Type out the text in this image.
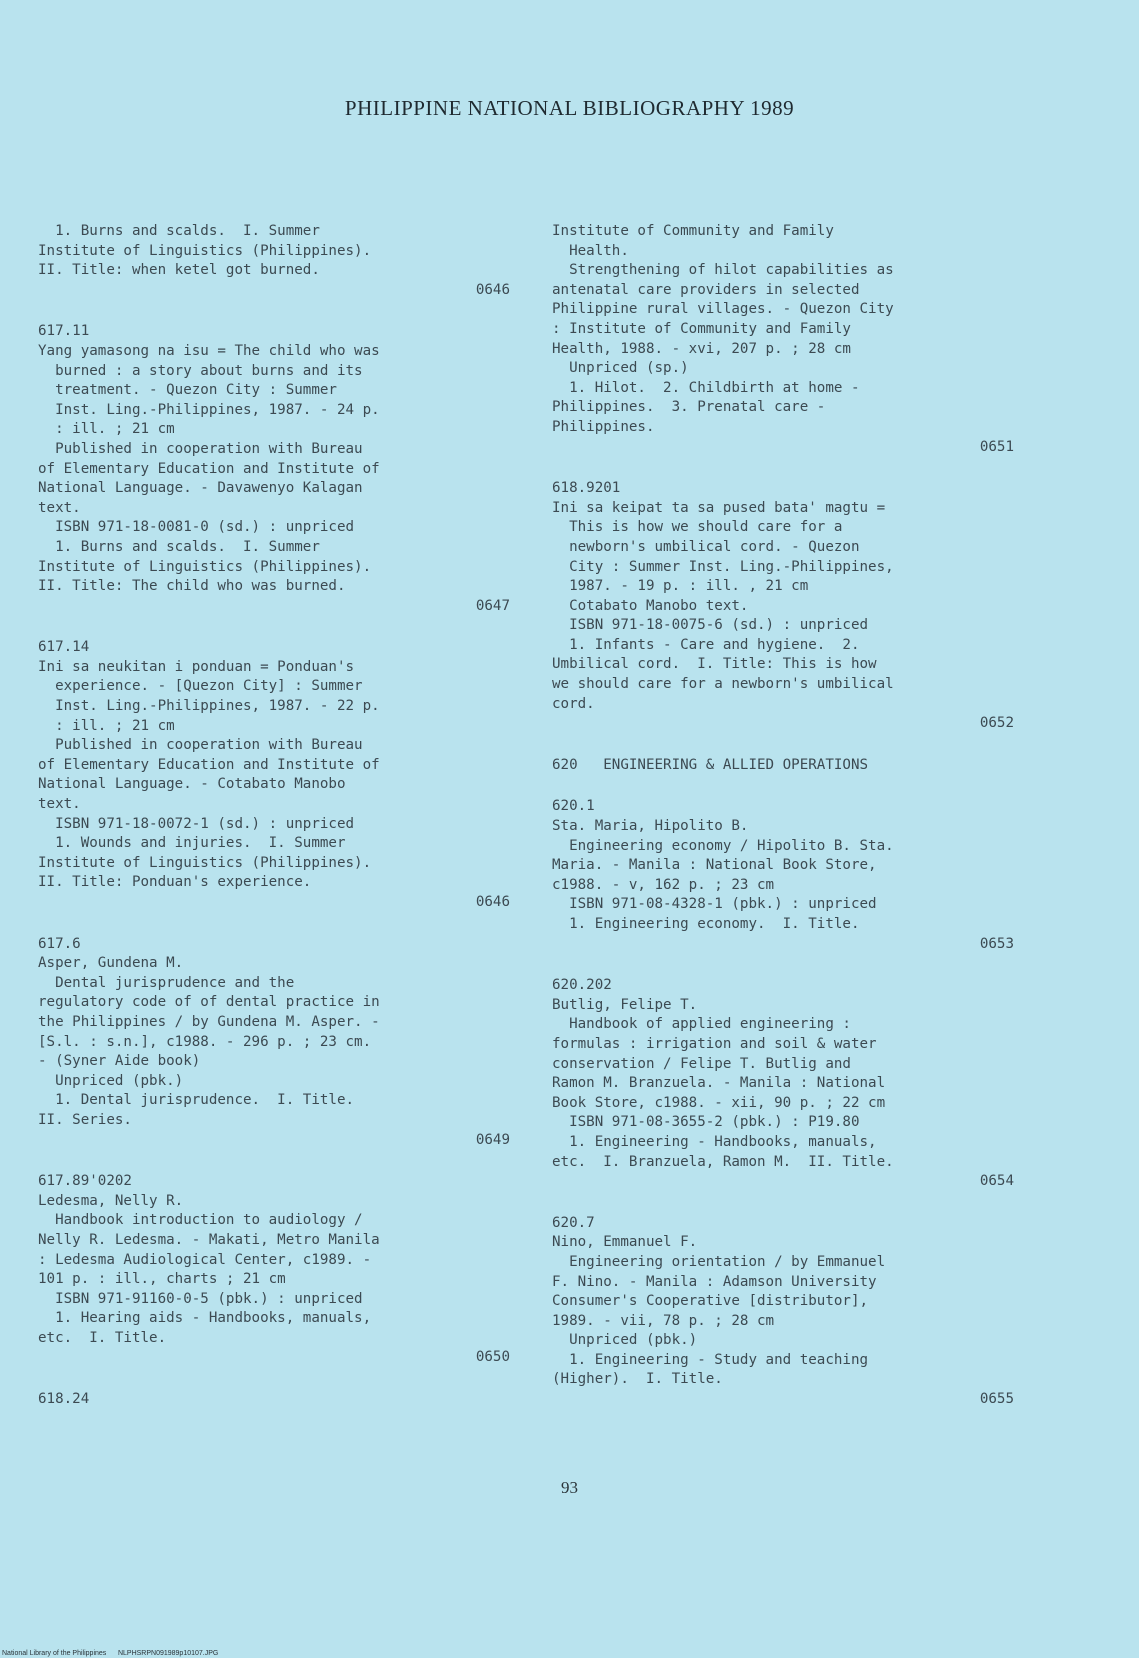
PHILIPPINE NATIONAL BIBLIOGRAPHY 1989
1. Burns and scalds.  I. Summer
Institute of Linguistics (Philippines).
II. Title: when ketel got burned.
0646
617.11
Yang yamasong na isu = The child who was
burned : a story about burns and its
treatment. - Quezon City : Summer
Inst. Ling.-Philippines, 1987. - 24 p.
: ill. ; 21 cm
Published in cooperation with Bureau
of Elementary Education and Institute of
National Language. - Davawenyo Kalagan
text.
ISBN 971-18-0081-0 (sd.) : unpriced
1. Burns and scalds.  I. Summer
Institute of Linguistics (Philippines).
II. Title: The child who was burned.
0647
617.14
Ini sa neukitan i ponduan = Ponduan's
experience. - [Quezon City] : Summer
Inst. Ling.-Philippines, 1987. - 22 p.
: ill. ; 21 cm
Published in cooperation with Bureau
of Elementary Education and Institute of
National Language. - Cotabato Manobo
text.
ISBN 971-18-0072-1 (sd.) : unpriced
1. Wounds and injuries.  I. Summer
Institute of Linguistics (Philippines).
II. Title: Ponduan's experience.
0646
617.6
Asper, Gundena M.
Dental jurisprudence and the
regulatory code of of dental practice in
the Philippines / by Gundena M. Asper. -
[S.l. : s.n.], c1988. - 296 p. ; 23 cm.
- (Syner Aide book)
Unpriced (pbk.)
1. Dental jurisprudence.  I. Title.
II. Series.
0649
617.89'0202
Ledesma, Nelly R.
Handbook introduction to audiology /
Nelly R. Ledesma. - Makati, Metro Manila
: Ledesma Audiological Center, c1989. -
101 p. : ill., charts ; 21 cm
ISBN 971-91160-0-5 (pbk.) : unpriced
1. Hearing aids - Handbooks, manuals,
etc.  I. Title.
0650
618.24
Institute of Community and Family
Health.
Strengthening of hilot capabilities as
antenatal care providers in selected
Philippine rural villages. - Quezon City
: Institute of Community and Family
Health, 1988. - xvi, 207 p. ; 28 cm
Unpriced (sp.)
1. Hilot.  2. Childbirth at home -
Philippines.  3. Prenatal care -
Philippines.
0651
618.9201
Ini sa keipat ta sa pused bata' magtu =
This is how we should care for a
newborn's umbilical cord. - Quezon
City : Summer Inst. Ling.-Philippines,
1987. - 19 p. : ill. , 21 cm
Cotabato Manobo text.
ISBN 971-18-0075-6 (sd.) : unpriced
1. Infants - Care and hygiene.  2.
Umbilical cord.  I. Title: This is how
we should care for a newborn's umbilical
cord.
0652
620   ENGINEERING & ALLIED OPERATIONS
620.1
Sta. Maria, Hipolito B.
Engineering economy / Hipolito B. Sta.
Maria. - Manila : National Book Store,
c1988. - v, 162 p. ; 23 cm
ISBN 971-08-4328-1 (pbk.) : unpriced
1. Engineering economy.  I. Title.
0653
620.202
Butlig, Felipe T.
Handbook of applied engineering :
formulas : irrigation and soil & water
conservation / Felipe T. Butlig and
Ramon M. Branzuela. - Manila : National
Book Store, c1988. - xii, 90 p. ; 22 cm
ISBN 971-08-3655-2 (pbk.) : P19.80
1. Engineering - Handbooks, manuals,
etc.  I. Branzuela, Ramon M.  II. Title.
0654
620.7
Nino, Emmanuel F.
Engineering orientation / by Emmanuel
F. Nino. - Manila : Adamson University
Consumer's Cooperative [distributor],
1989. - vii, 78 p. ; 28 cm
Unpriced (pbk.)
1. Engineering - Study and teaching
(Higher).  I. Title.
0655
93
National Library of the Philippines      NLPHSRPN091989p10107.JPG
